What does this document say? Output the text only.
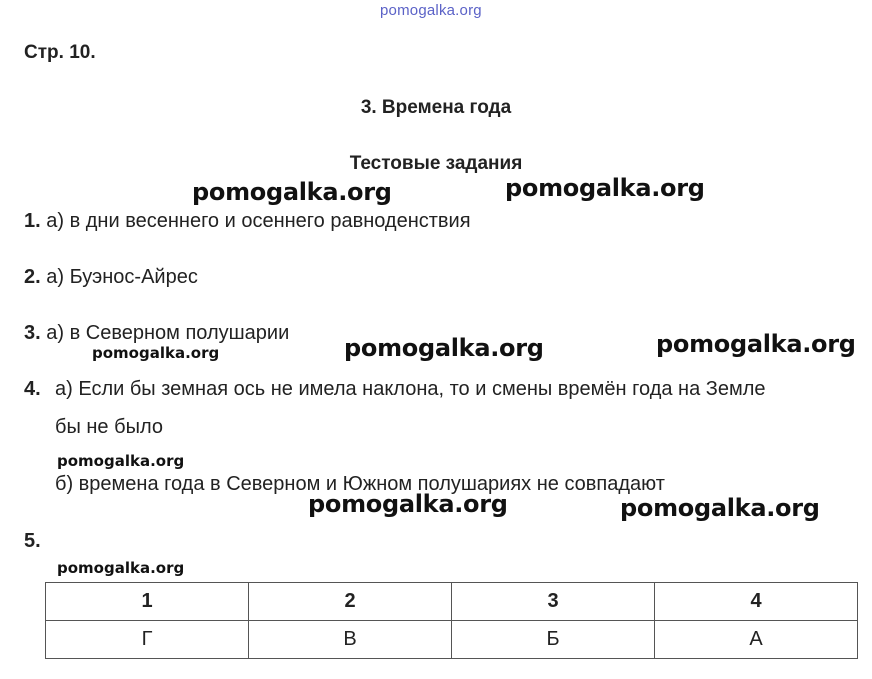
pomogalka.org
Стр. 10.
3. Времена года
Тестовые задания
pomogalka.org	pomogalka.org
1. а) в дни весеннего и осеннего равноденствия
2. а) Буэнос-Айрес
3. а) в Северном полушарии
pomogalka.org	pomogalka.org	pomogalka.org
4. а) Если бы земная ось не имела наклона, то и смены времён года на Земле
бы не было
pomogalka.org
б) времена года в Северном и Южном полушариях не совпадают
pomogalka.org	pomogalka.org
5.
pomogalka.org
1	2	3	4
Г	В	Б	А
